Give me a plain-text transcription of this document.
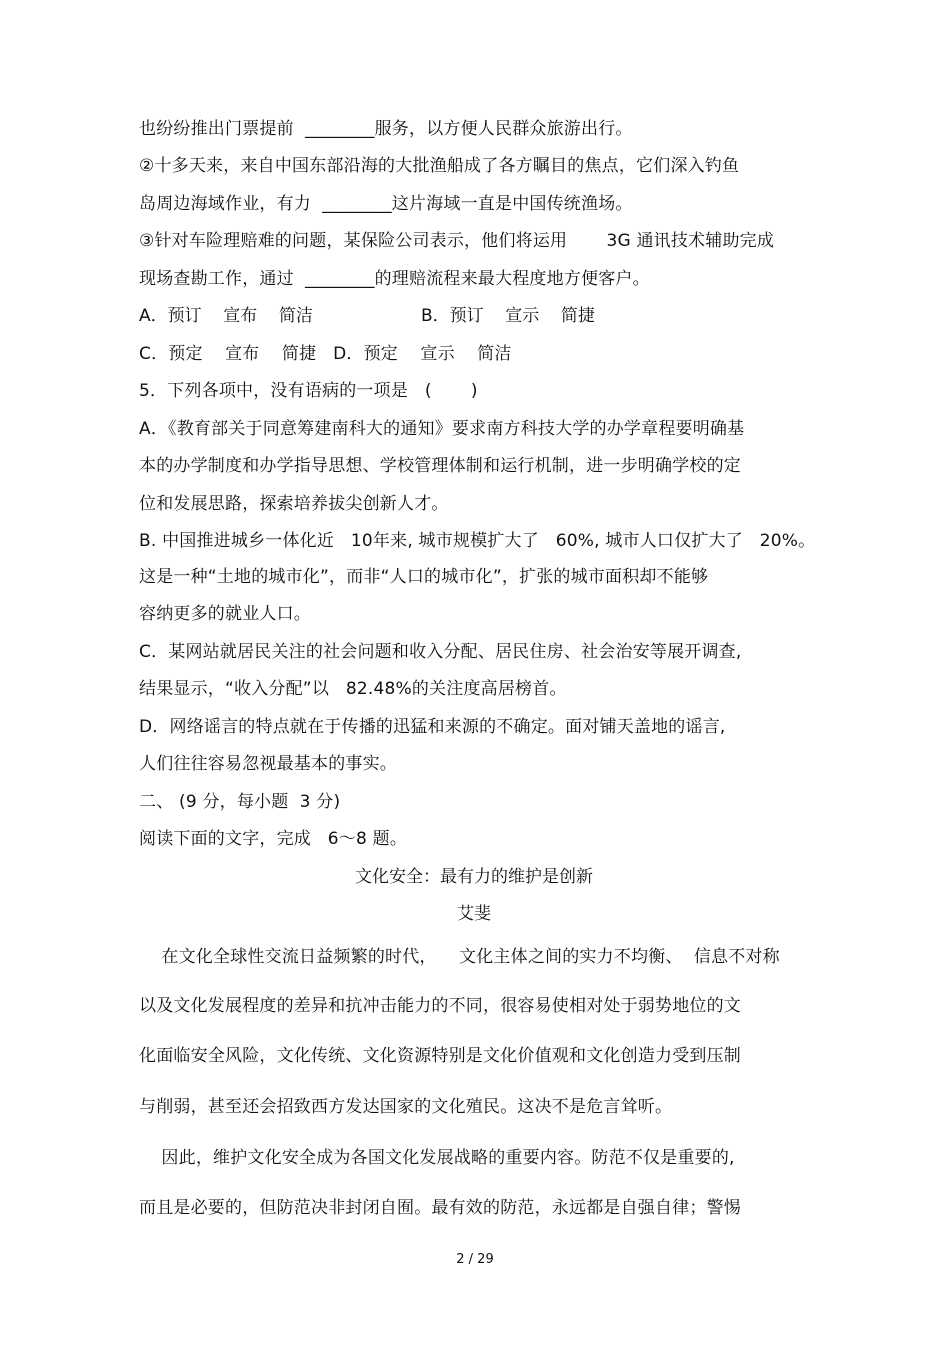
也纷纷推出门票提前  ________服务，以方便人民群众旅游出行。
②十多天来，来自中国东部沿海的大批渔船成了各方瞩目的焦点，它们深入钓鱼
岛周边海域作业，有力  ________这片海域一直是中国传统渔场。
③针对车险理赔难的问题，某保险公司表示，他们将运用       3G 通讯技术辅助完成
现场查勘工作，通过  ________的理赔流程来最大程度地方便客户。
A．预订    宣布    简洁	B．预订    宣示    简捷
C．预定    宣布    简捷   D．预定    宣示    简洁
5．下列各项中，没有语病的一项是   (       )
A．《教育部关于同意筹建南科大的通知》要求南方科技大学的办学章程要明确基
本的办学制度和办学指导思想、学校管理体制和运行机制，进一步明确学校的定
位和发展思路，探索培养拔尖创新人才。
B. 中国推进城乡一体化近   10年来, 城市规模扩大了   60%, 城市人口仅扩大了   20%。
这是一种“土地的城市化”，而非“人口的城市化”，扩张的城市面积却不能够
容纳更多的就业人口。
C．某网站就居民关注的社会问题和收入分配、居民住房、社会治安等展开调查,
结果显示，“收入分配”以   82.48%的关注度高居榜首。
D．网络谣言的特点就在于传播的迅猛和来源的不确定。面对铺天盖地的谣言,
人们往往容易忽视最基本的事实。
二、 (9 分，每小题  3 分)
阅读下面的文字，完成   6～8 题。
文化安全：最有力的维护是创新
艾斐
在文化全球性交流日益频繁的时代，    文化主体之间的实力不均衡、  信息不对称
以及文化发展程度的差异和抗冲击能力的不同，很容易使相对处于弱势地位的文
化面临安全风险，文化传统、文化资源特别是文化价值观和文化创造力受到压制
与削弱，甚至还会招致西方发达国家的文化殖民。这决不是危言耸听。
因此，维护文化安全成为各国文化发展战略的重要内容。防范不仅是重要的,
而且是必要的，但防范决非封闭自囿。最有效的防范，永远都是自强自律；警惕
2 / 29
